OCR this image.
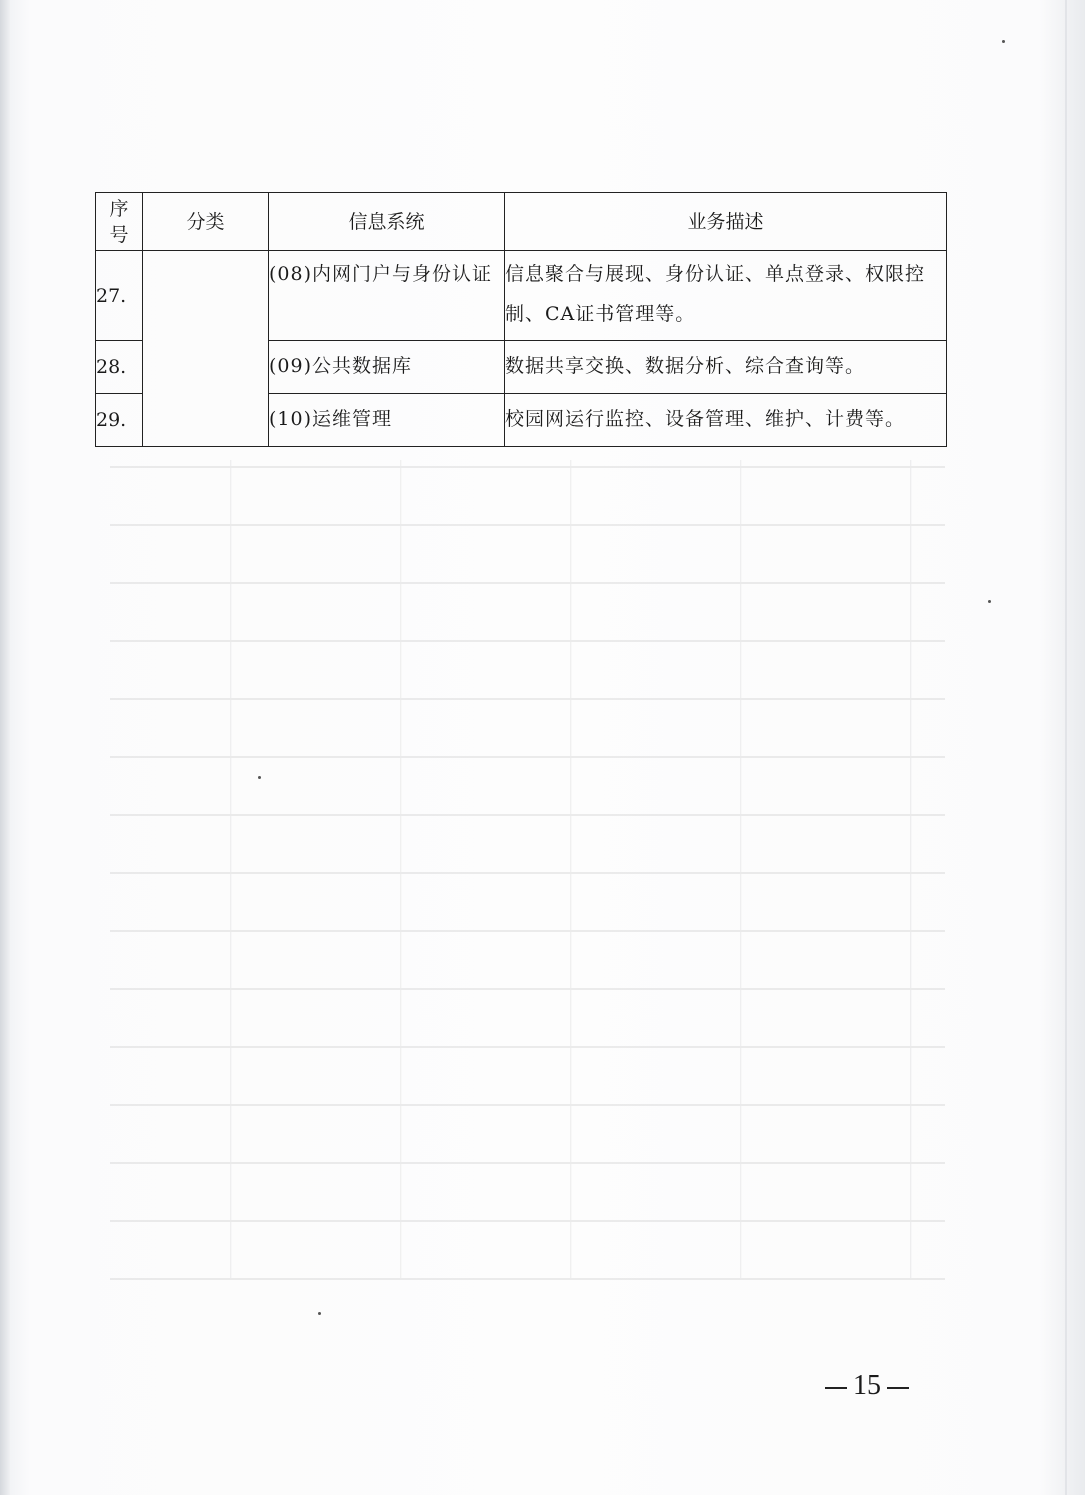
序号	分类	信息系统	业务描述
27.		(08)内网门户与身份认证	信息聚合与展现、身份认证、单点登录、权限控制、CA证书管理等。
28.		(09)公共数据库	数据共享交换、数据分析、综合查询等。
29.		(10)运维管理	校园网运行监控、设备管理、维护、计费等。
15
